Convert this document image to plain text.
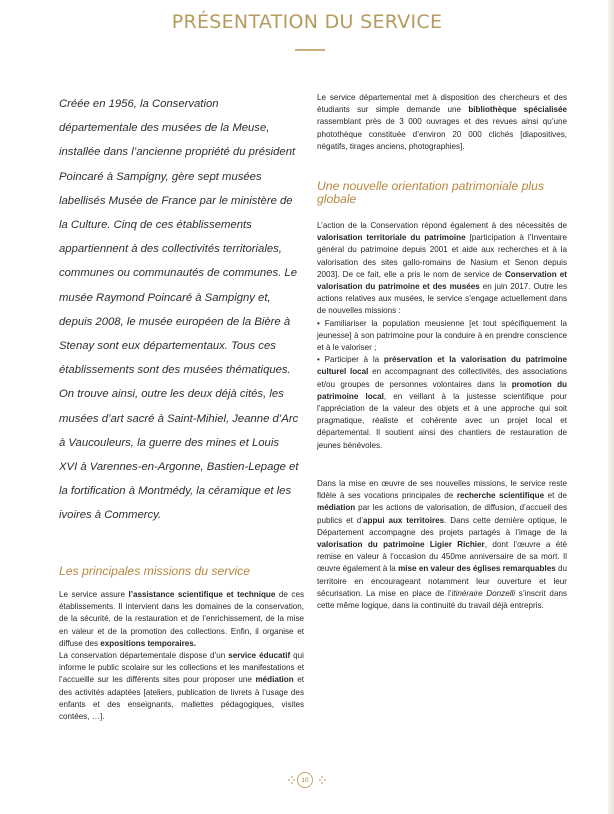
PRÉSENTATION DU SERVICE

Créée en 1956, la Conservation départementale des musées de la Meuse, installée dans l’ancienne propriété du président Poincaré à Sampigny, gère sept musées labellisés Musée de France par le ministère de la Culture. Cinq de ces établissements appartiennent à des collectivités territoriales, communes ou communautés de communes. Le musée Raymond Poincaré à Sampigny et, depuis 2008, le musée européen de la Bière à Stenay sont eux départementaux. Tous ces établissements sont des musées thématiques. On trouve ainsi, outre les deux déjà cités, les musées d’art sacré à Saint-Mihiel, Jeanne d’Arc à Vaucouleurs, la guerre des mines et Louis XVI à Varennes-en-Argonne, Bastien-Lepage et la fortification à Montmédy, la céramique et les ivoires à Commercy.

Les principales missions du service

Le service assure l’assistance scientifique et technique de ces établissements. Il intervient dans les domaines de la conservation, de la sécurité, de la restauration et de l’enrichissement, de la mise en valeur et de la promotion des collections. Enfin, il organise et diffuse des expositions temporaires.

La conservation départementale dispose d’un service éducatif qui informe le public scolaire sur les collections et les manifestations et l’accueille sur les différents sites pour proposer une médiation et des activités adaptées [ateliers, publication de livrets à l’usage des enfants et des enseignants, mallettes pédagogiques, visites contées, …].

Le service départemental met à disposition des chercheurs et des étudiants sur simple demande une bibliothèque spécialisée rassemblant près de 3 000 ouvrages et des revues ainsi qu’une photothèque constituée d’environ 20 000 clichés [diapositives, négatifs, tirages anciens, photographies].

Une nouvelle orientation patrimoniale plus globale

L’action de la Conservation répond également à des nécessités de valorisation territoriale du patrimoine [participation à l’Inventaire général du patrimoine depuis 2001 et aide aux recherches et à la valorisation des sites gallo-romains de Nasium et Senon depuis 2003]. De ce fait, elle a pris le nom de service de Conservation et valorisation du patrimoine et des musées en juin 2017. Outre les actions relatives aux musées, le service s’engage actuellement dans de nouvelles missions :

• Familiariser la population meusienne [et tout spécifiquement la jeunesse] à son patrimoine pour la conduire à en prendre conscience et à le valoriser ;

• Participer à la préservation et la valorisation du patrimoine culturel local en accompagnant des collectivités, des associations et/ou groupes de personnes volontaires dans la promotion du patrimoine local, en veillant à la justesse scientifique pour l’appréciation de la valeur des objets et à une approche qui soit pragmatique, réaliste et cohérente avec un projet local et départemental. Il soutient ainsi des chantiers de restauration de jeunes bénévoles.

Dans la mise en œuvre de ses nouvelles missions, le service reste fidèle à ses vocations principales de recherche scientifique et de médiation par les actions de valorisation, de diffusion, d’accueil des publics et d’appui aux territoires. Dans cette dernière optique, le Département accompagne des projets partagés à l’image de la valorisation du patrimoine Ligier Richier, dont l’œuvre a été remise en valeur à l’occasion du 450me anniversaire de sa mort. Il œuvre également à la mise en valeur des églises remarquables du territoire en encourageant notamment leur ouverture et leur sécurisation. La mise en place de l’itinéraire Donzelli s’inscrit dans cette même logique, dans la continuité du travail déjà entrepris.

10
